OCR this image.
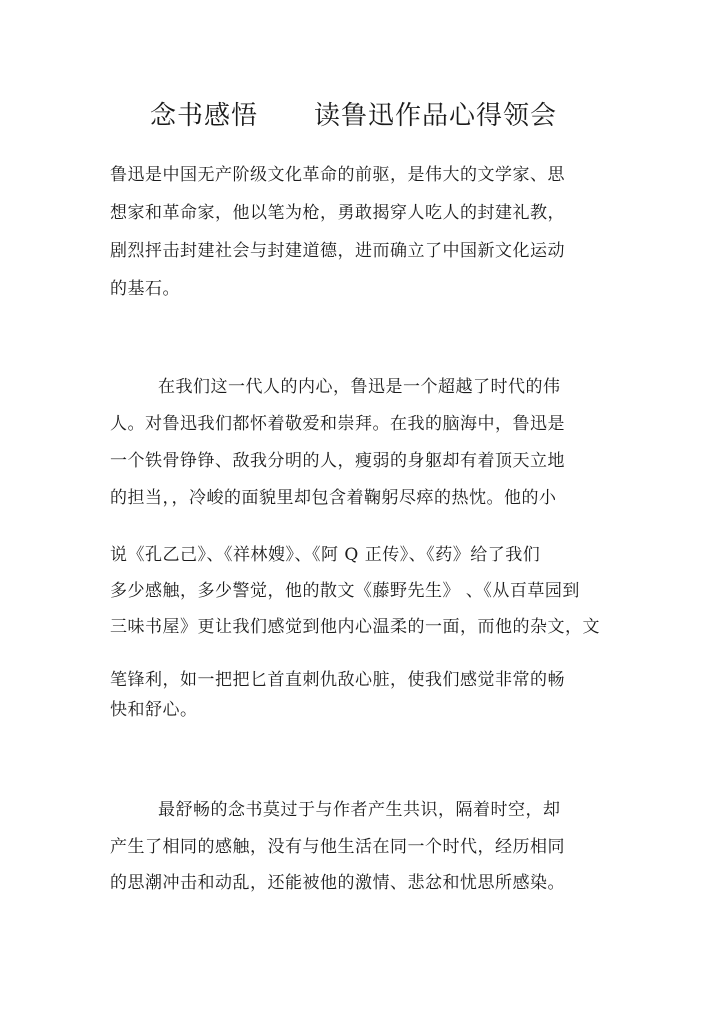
念书感悟 读鲁迅作品心得领会
鲁迅是中国无产阶级文化革命的前驱，是伟大的文学家、思
想家和革命家，他以笔为枪，勇敢揭穿人吃人的封建礼教，
剧烈抨击封建社会与封建道德，进而确立了中国新文化运动
的基石。
在我们这一代人的内心，鲁迅是一个超越了时代的伟
人。对鲁迅我们都怀着敬爱和崇拜。在我的脑海中，鲁迅是
一个铁骨铮铮、敌我分明的人，瘦弱的身躯却有着顶天立地
的担当，，冷峻的面貌里却包含着鞠躬尽瘁的热忱。他的小
说《孔乙己》、《祥林嫂》、《阿 Q 正传》、《药》给了我们
多少感触，多少警觉，他的散文《藤野先生》 、《从百草园到
三味书屋》更让我们感觉到他内心温柔的一面，而他的杂文，文
笔锋利，如一把把匕首直刺仇敌心脏，使我们感觉非常的畅
快和舒心。
最舒畅的念书莫过于与作者产生共识，隔着时空，却
产生了相同的感触，没有与他生活在同一个时代，经历相同
的思潮冲击和动乱，还能被他的激情、悲忿和忧思所感染。
